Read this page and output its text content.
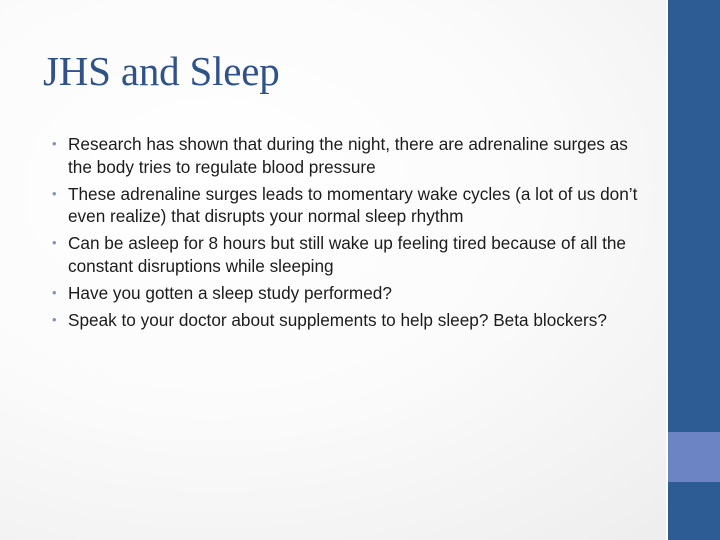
JHS and Sleep
• Research has shown that during the night, there are adrenaline surges as the body tries to regulate blood pressure
• These adrenaline surges leads to momentary wake cycles (a lot of us don’t even realize) that disrupts your normal sleep rhythm
• Can be asleep for 8 hours but still wake up feeling tired because of all the constant disruptions while sleeping
• Have you gotten a sleep study performed?
• Speak to your doctor about supplements to help sleep? Beta blockers?
